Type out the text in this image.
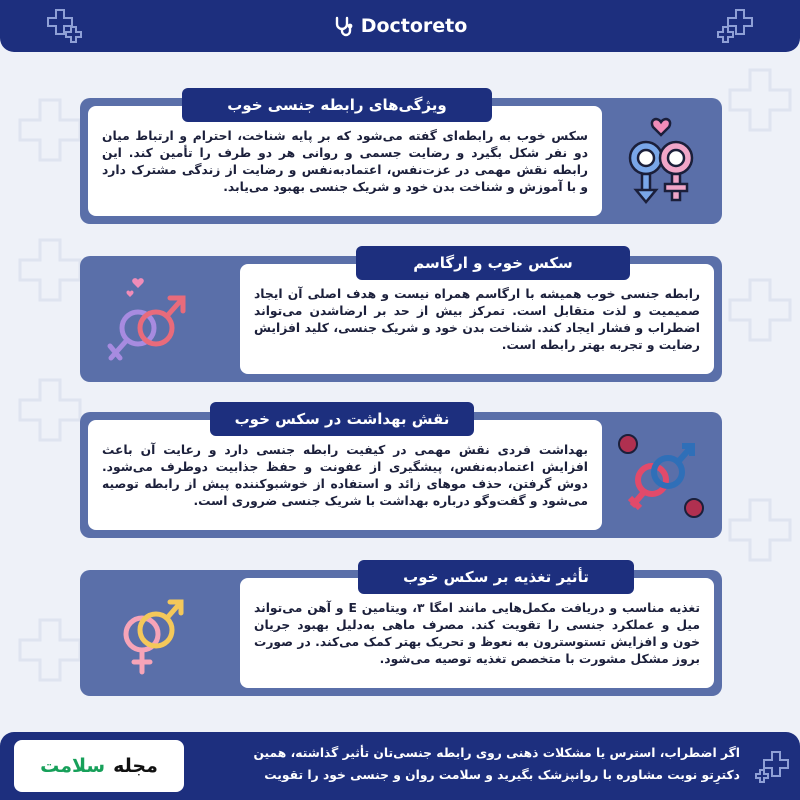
Doctoreto

سکس خوب به رابطه‌ای گفته می‌شود که بر پایه شناخت، احترام و ارتباط میان دو نفر شکل بگیرد و رضایت جسمی و روانی هر دو طرف را تأمین کند. این رابطه نقش مهمی در عزت‌نفس، اعتمادبه‌نفس و رضایت از زندگی مشترک دارد و با آموزش و شناخت بدن خود و شریک جنسی بهبود می‌یابد.

ویژگی‌های رابطه جنسی خوب

رابطه جنسی خوب همیشه با ارگاسم همراه نیست و هدف اصلی آن ایجاد صمیمیت و لذت متقابل است. تمرکز بیش از حد بر ارضاشدن می‌تواند اضطراب و فشار ایجاد کند. شناخت بدن خود و شریک جنسی، کلید افزایش رضایت و تجربه بهتر رابطه است.

سکس خوب و ارگاسم

بهداشت فردی نقش مهمی در کیفیت رابطه جنسی دارد و رعایت آن باعث افزایش اعتمادبه‌نفس، پیشگیری از عفونت و حفظ جذابیت دوطرف می‌شود. دوش گرفتن، حذف موهای زائد و استفاده از خوشبوکننده پیش از رابطه توصیه می‌شود و گفت‌وگو درباره بهداشت با شریک جنسی ضروری است.

نقش بهداشت در سکس خوب

تغذیه مناسب و دریافت مکمل‌هایی مانند امگا ۳، ویتامین E و آهن می‌تواند میل و عملکرد جنسی را تقویت کند. مصرف ماهی به‌دلیل بهبود جریان خون و افزایش تستوسترون به نعوظ و تحریک بهتر کمک می‌کند. در صورت بروز مشکل مشورت با متخصص تغذیه توصیه می‌شود.

تأثیر تغذیه بر سکس خوب
اگر اضطراب، استرس یا مشکلات ذهنی روی رابطه جنسی‌تان تأثیر گذاشته، همین
دکترِتو نوبت مشاوره با روانپزشک بگیرید و سلامت روان و جنسی خود را تقویت
مجله
سلامت
